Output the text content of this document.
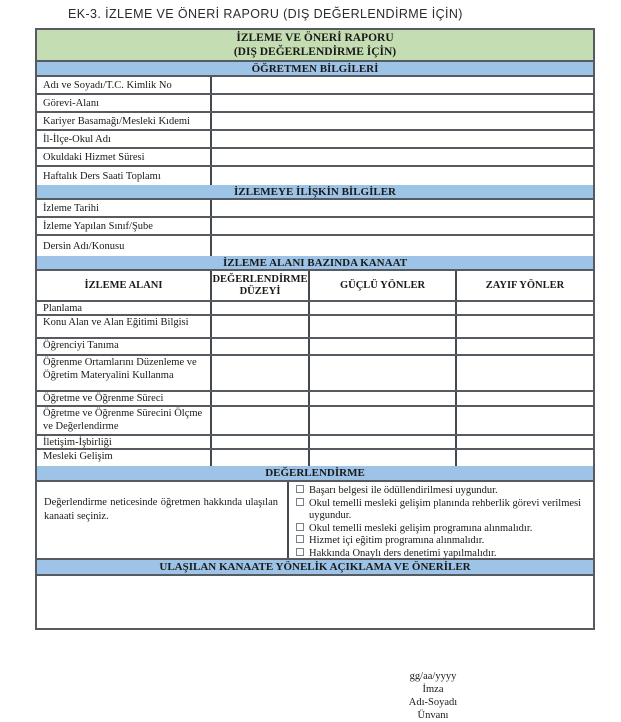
EK-3. İZLEME VE ÖNERİ RAPORU (DIŞ DEĞERLENDİRME İÇİN)
İZLEME VE ÖNERİ RAPORU
(DIŞ DEĞERLENDİRME İÇİN)
ÖĞRETMEN BİLGİLERİ
Adı ve Soyadı/T.C. Kimlik No
Görevi-Alanı
Kariyer Basamağı/Mesleki Kıdemi
İl-İlçe-Okul Adı
Okuldaki Hizmet Süresi
Haftalık Ders Saati Toplamı
İZLEMEYE İLİŞKİN BİLGİLER
İzleme Tarihi
İzleme Yapılan Sınıf/Şube
Dersin Adı/Konusu
İZLEME ALANI BAZINDA KANAAT
İZLEME ALANI
DEĞERLENDİRME DÜZEYİ
GÜÇLÜ YÖNLER	ZAYIF YÖNLER
Planlama
Konu Alan ve Alan Eğitimi Bilgisi
Öğrenciyi Tanıma
Öğrenme Ortamlarını Düzenleme ve Öğretim Materyalini Kullanma
Öğretme ve Öğrenme Süreci
Öğretme ve Öğrenme Sürecini Ölçme ve Değerlendirme
İletişim-İşbirliği
Mesleki Gelişim
DEĞERLENDİRME
Değerlendirme neticesinde öğretmen hakkında ulaşılan kanaati seçiniz.
Başarı belgesi ile ödüllendirilmesi uygundur.
Okul temelli mesleki gelişim planında rehberlik görevi verilmesi uygundur.
Okul temelli mesleki gelişim programına alınmalıdır.
Hizmet içi eğitim programına alınmalıdır.
Hakkında Onaylı ders denetimi yapılmalıdır.
ULAŞILAN KANAATE YÖNELİK AÇIKLAMA VE ÖNERİLER
gg/aa/yyyy
İmza
Adı-Soyadı
Ünvanı
